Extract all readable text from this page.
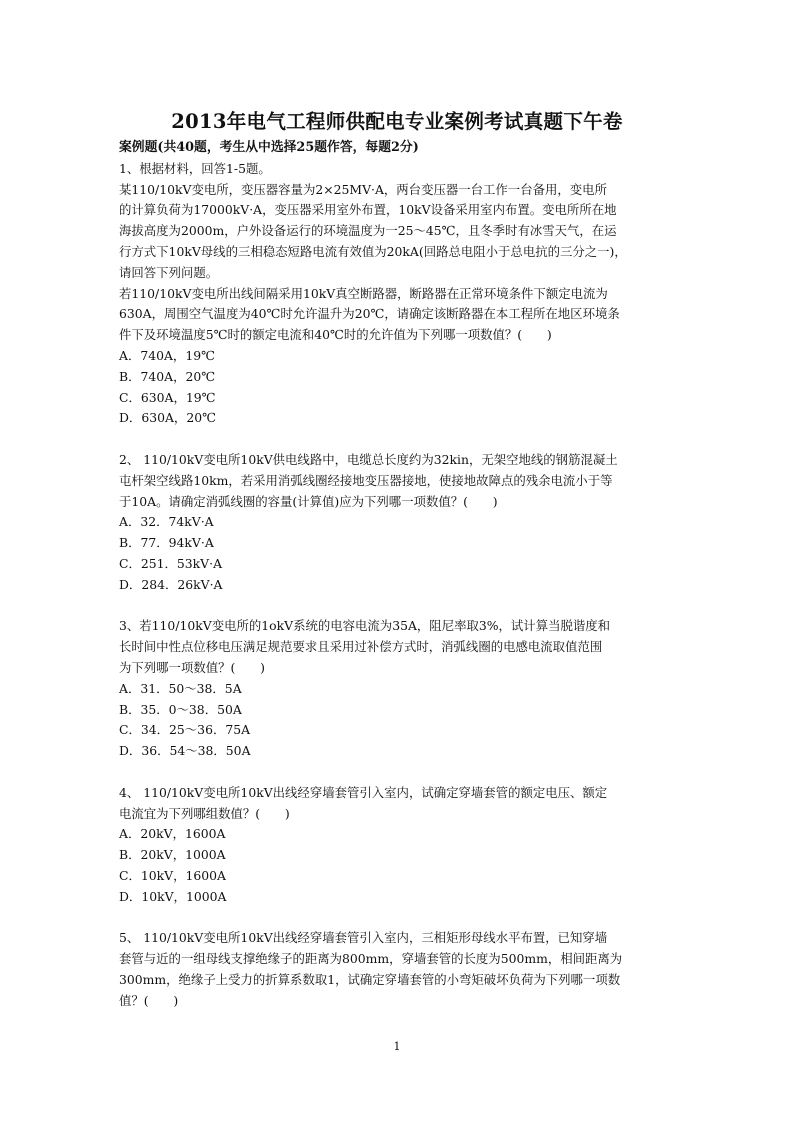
2013年电气工程师供配电专业案例考试真题下午卷
案例题(共40题，考生从中选择25题作答，每题2分)
1、根据材料，回答1-5题。
某110/10kV变电所，变压器容量为2×25MV·A，两台变压器一台工作一台备用，变电所
的计算负荷为17000kV·A，变压器采用室外布置，10kV设备采用室内布置。变电所所在地
海拔高度为2000m，户外设备运行的环境温度为一25～45℃，且冬季时有冰雪天气，在运
行方式下10kV母线的三相稳态短路电流有效值为20kA(回路总电阻小于总电抗的三分之一)，
请回答下列问题。
若110/10kV变电所出线间隔采用10kV真空断路器，断路器在正常环境条件下额定电流为
630A，周围空气温度为40℃时允许温升为20℃，请确定该断路器在本工程所在地区环境条
件下及环境温度5℃时的额定电流和40℃时的允许值为下列哪一项数值？(　　)
A．740A，19℃
B．740A，20℃
C．630A，19℃
D．630A，20℃
2、 110/10kV变电所10kV供电线路中，电缆总长度约为32kin，无架空地线的钢筋混凝土
屯杆架空线路10km，若采用消弧线圈经接地变压器接地，使接地故障点的残余电流小于等
于10A。请确定消弧线圈的容量(计算值)应为下列哪一项数值？(　　)
A．32．74kV·A
B．77．94kV·A
C．251．53kV·A
D．284．26kV·A
3、若110/10kV变电所的1okV系统的电容电流为35A，阻尼率取3%，试计算当脱谐度和
长时间中性点位移电压满足规范要求且采用过补偿方式时，消弧线圈的电感电流取值范围
为下列哪一项数值？(　　)
A．31．50～38．5A
B．35．0～38．50A
C．34．25～36．75A
D．36．54～38．50A
4、 110/10kV变电所10kV出线经穿墙套管引入室内，试确定穿墙套管的额定电压、额定
电流宜为下列哪组数值？(　　)
A．20kV，1600A
B．20kV，1000A
C．10kV，1600A
D．10kV，1000A
5、 110/10kV变电所10kV出线经穿墙套管引入室内，三相矩形母线水平布置，已知穿墙
套管与近的一组母线支撑绝缘子的距离为800mm，穿墙套管的长度为500mm，相间距离为
300mm，绝缘子上受力的折算系数取1，试确定穿墙套管的小弯矩破坏负荷为下列哪一项数
值？(　　)
1
